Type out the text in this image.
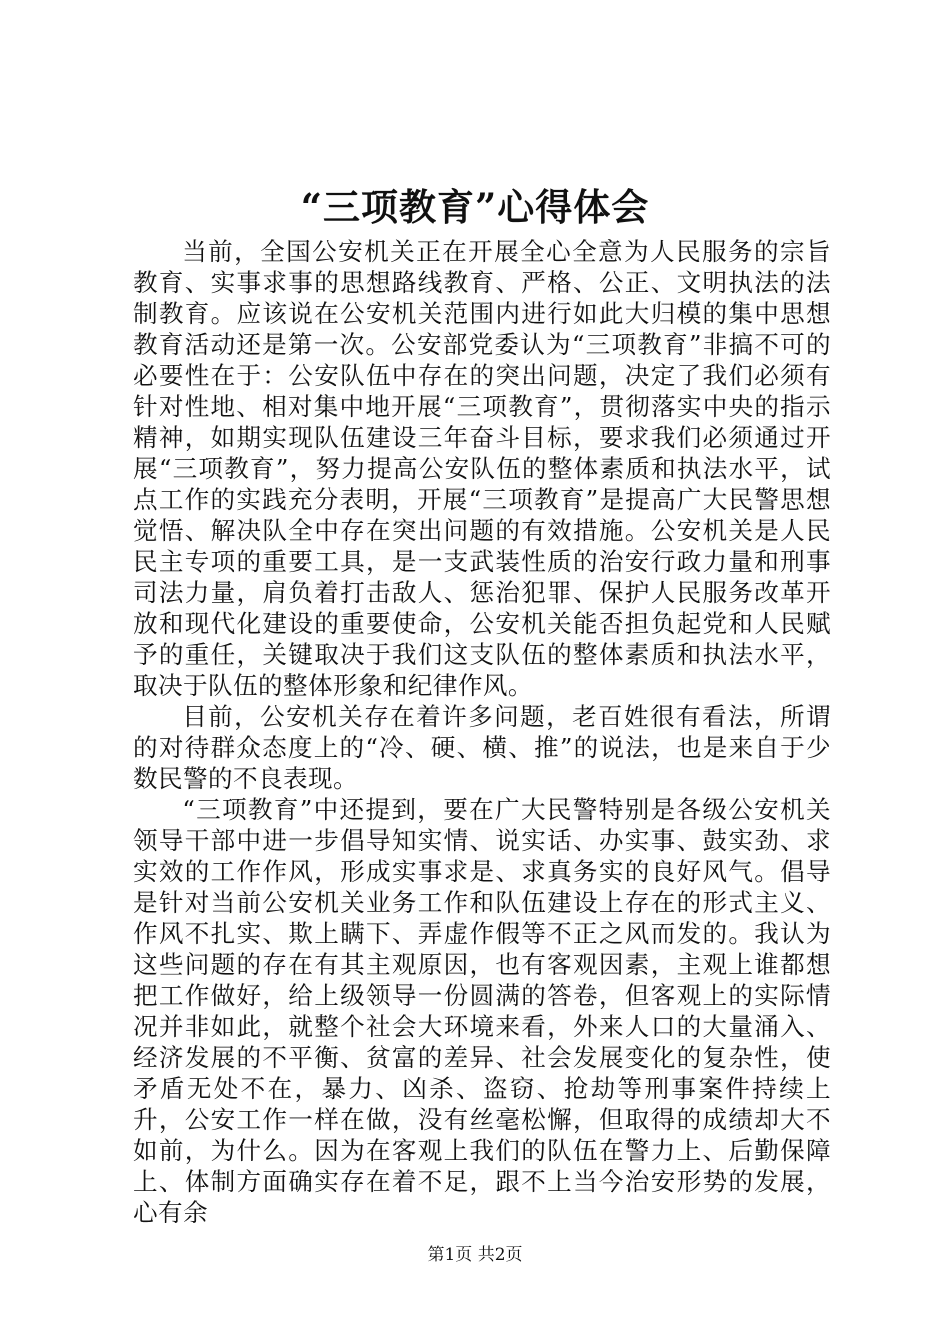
“三项教育”心得体会

当前，全国公安机关正在开展全心全意为人民服务的宗旨教育、实事求事的思想路线教育、严格、公正、文明执法的法制教育。应该说在公安机关范围内进行如此大归模的集中思想教育活动还是第一次。公安部党委认为“三项教育”非搞不可的必要性在于：公安队伍中存在的突出问题，决定了我们必须有针对性地、相对集中地开展“三项教育”，贯彻落实中央的指示精神，如期实现队伍建设三年奋斗目标，要求我们必须通过开展“三项教育”，努力提高公安队伍的整体素质和执法水平，试点工作的实践充分表明，开展“三项教育”是提高广大民警思想觉悟、解决队全中存在突出问题的有效措施。公安机关是人民民主专项的重要工具，是一支武装性质的治安行政力量和刑事司法力量，肩负着打击敌人、惩治犯罪、保护人民服务改革开放和现代化建设的重要使命，公安机关能否担负起党和人民赋予的重任，关键取决于我们这支队伍的整体素质和执法水平，取决于队伍的整体形象和纪律作风。

目前，公安机关存在着许多问题，老百姓很有看法，所谓的对待群众态度上的“冷、硬、横、推”的说法，也是来自于少数民警的不良表现。

“三项教育”中还提到，要在广大民警特别是各级公安机关领导干部中进一步倡导知实情、说实话、办实事、鼓实劲、求实效的工作作风，形成实事求是、求真务实的良好风气。倡导是针对当前公安机关业务工作和队伍建设上存在的形式主义、作风不扎实、欺上瞒下、弄虚作假等不正之风而发的。我认为这些问题的存在有其主观原因，也有客观因素，主观上谁都想把工作做好，给上级领导一份圆满的答卷，但客观上的实际情况并非如此，就整个社会大环境来看，外来人口的大量涌入、经济发展的不平衡、贫富的差异、社会发展变化的复杂性，使矛盾无处不在，暴力、凶杀、盗窃、抢劫等刑事案件持续上升，公安工作一样在做，没有丝毫松懈，但取得的成绩却大不如前，为什么。因为在客观上我们的队伍在警力上、后勤保障上、体制方面确实存在着不足，跟不上当今治安形势的发展，心有余

第1页 共2页
